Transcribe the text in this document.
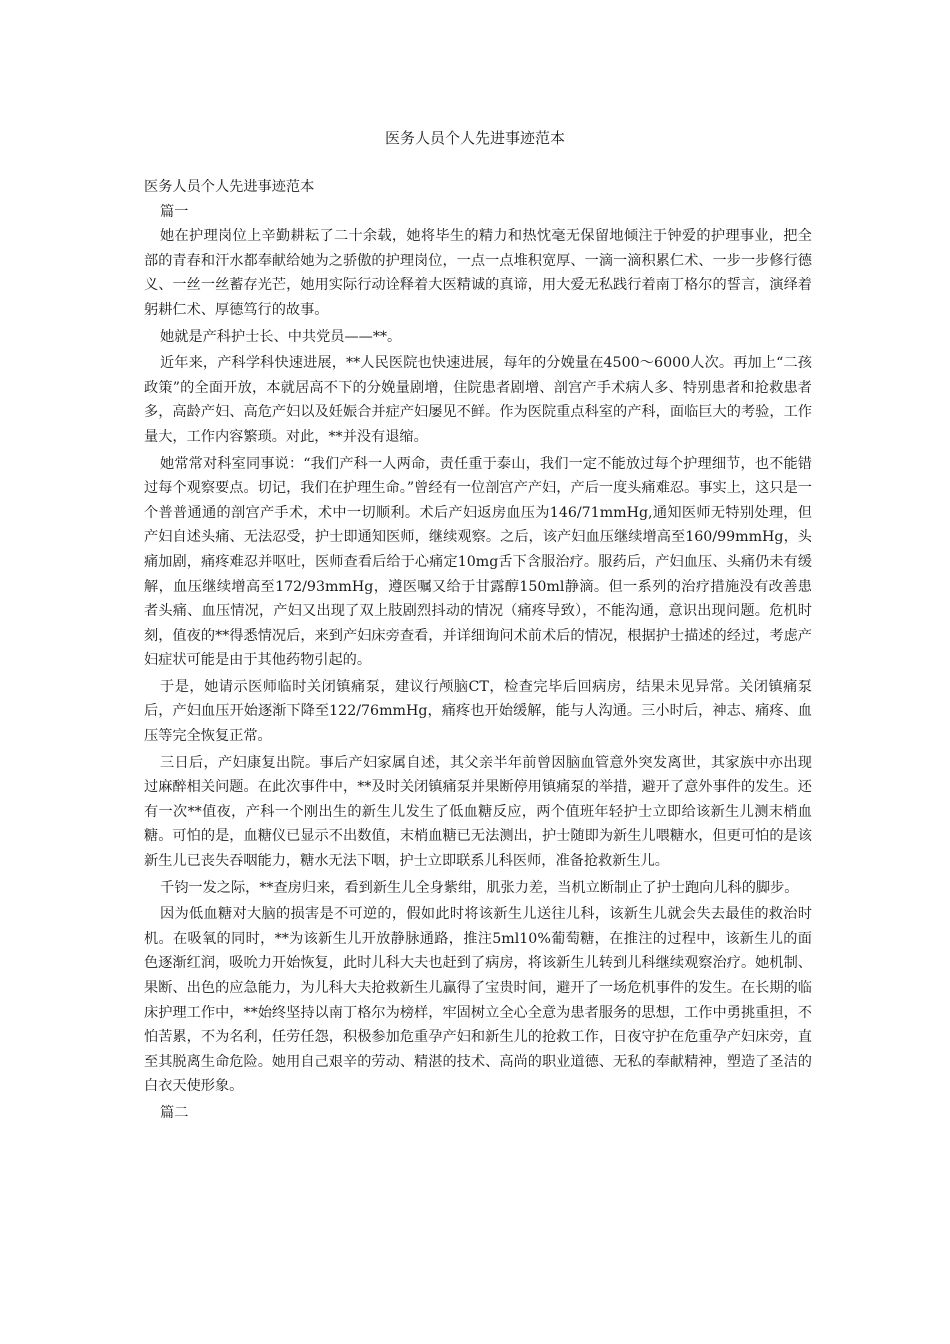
医务人员个人先进事迹范本

医务人员个人先进事迹范本

篇一

她在护理岗位上辛勤耕耘了二十余载，她将毕生的精力和热忱毫无保留地倾注于钟爱的护理事业，把全部的青春和汗水都奉献给她为之骄傲的护理岗位，一点一点堆积宽厚、一滴一滴积累仁术、一步一步修行德义、一丝一丝蓄存光芒，她用实际行动诠释着大医精诚的真谛，用大爱无私践行着南丁格尔的誓言，演绎着躬耕仁术、厚德笃行的故事。

她就是产科护士长、中共党员——**。

近年来，产科学科快速进展，**人民医院也快速进展，每年的分娩量在4500～6000人次。再加上“二孩政策”的全面开放，本就居高不下的分娩量剧增，住院患者剧增、剖宫产手术病人多、特别患者和抢救患者多，高龄产妇、高危产妇以及妊娠合并症产妇屡见不鲜。作为医院重点科室的产科，面临巨大的考验，工作量大，工作内容繁琐。对此，**并没有退缩。

她常常对科室同事说：“我们产科一人两命，责任重于泰山，我们一定不能放过每个护理细节，也不能错过每个观察要点。切记，我们在护理生命。”曾经有一位剖宫产产妇，产后一度头痛难忍。事实上，这只是一个普普通通的剖宫产手术，术中一切顺利。术后产妇返房血压为146/71mmHg,通知医师无特别处理，但产妇自述头痛、无法忍受，护士即通知医师，继续观察。之后，该产妇血压继续增高至160/99mmHg，头痛加剧，痛疼难忍并呕吐，医师查看后给于心痛定10mg舌下含服治疗。服药后，产妇血压、头痛仍未有缓解，血压继续增高至172/93mmHg，遵医嘱又给于甘露醇150ml静滴。但一系列的治疗措施没有改善患者头痛、血压情况，产妇又出现了双上肢剧烈抖动的情况（痛疼导致），不能沟通，意识出现问题。危机时刻，值夜的**得悉情况后，来到产妇床旁查看，并详细询问术前术后的情况，根据护士描述的经过，考虑产妇症状可能是由于其他药物引起的。

于是，她请示医师临时关闭镇痛泵，建议行颅脑CT，检查完毕后回病房，结果未见异常。关闭镇痛泵后，产妇血压开始逐渐下降至122/76mmHg，痛疼也开始缓解，能与人沟通。三小时后，神志、痛疼、血压等完全恢复正常。

三日后，产妇康复出院。事后产妇家属自述，其父亲半年前曾因脑血管意外突发离世，其家族中亦出现过麻醉相关问题。在此次事件中，**及时关闭镇痛泵并果断停用镇痛泵的举措，避开了意外事件的发生。还有一次**值夜，产科一个刚出生的新生儿发生了低血糖反应，两个值班年轻护士立即给该新生儿测末梢血糖。可怕的是，血糖仪已显示不出数值，末梢血糖已无法测出，护士随即为新生儿喂糖水，但更可怕的是该新生儿已丧失吞咽能力，糖水无法下咽，护士立即联系儿科医师，准备抢救新生儿。

千钧一发之际，**查房归来，看到新生儿全身紫绀，肌张力差，当机立断制止了护士跑向儿科的脚步。

因为低血糖对大脑的损害是不可逆的，假如此时将该新生儿送往儿科，该新生儿就会失去最佳的救治时机。在吸氧的同时，**为该新生儿开放静脉通路，推注5ml10%葡萄糖，在推注的过程中，该新生儿的面色逐渐红润，吸吮力开始恢复，此时儿科大夫也赶到了病房，将该新生儿转到儿科继续观察治疗。她机制、果断、出色的应急能力，为儿科大夫抢救新生儿赢得了宝贵时间，避开了一场危机事件的发生。在长期的临床护理工作中，**始终坚持以南丁格尔为榜样，牢固树立全心全意为患者服务的思想，工作中勇挑重担，不怕苦累，不为名利，任劳任怨，积极参加危重孕产妇和新生儿的抢救工作，日夜守护在危重孕产妇床旁，直至其脱离生命危险。她用自己艰辛的劳动、精湛的技术、高尚的职业道德、无私的奉献精神，塑造了圣洁的白衣天使形象。

篇二
